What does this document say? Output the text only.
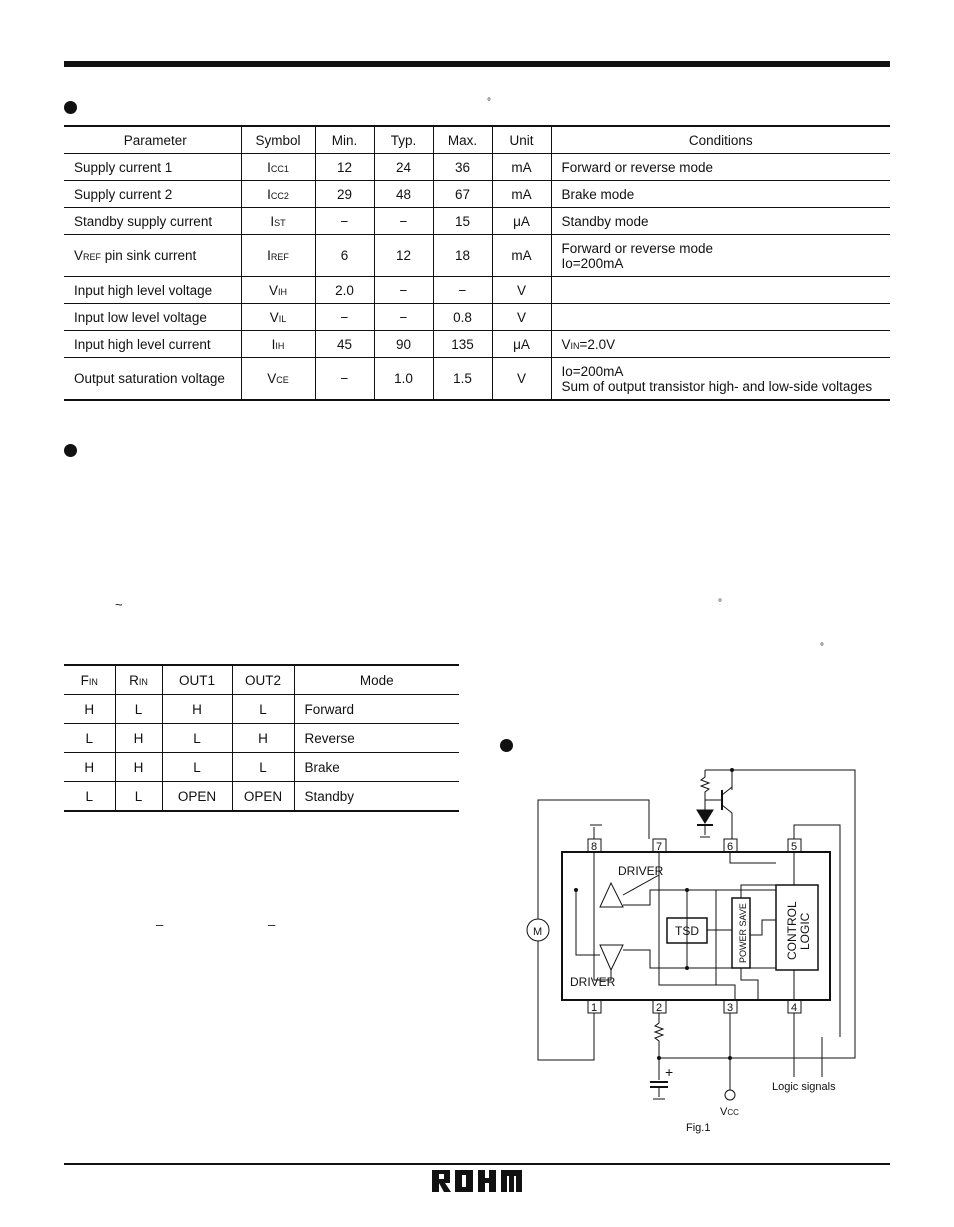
°
Parameter	Symbol	Min.	Typ.	Max.	Unit	Conditions
Supply current 1	ICC1	12	24	36	mA	Forward or reverse mode
Supply current 2	ICC2	29	48	67	mA	Brake mode
Standby supply current	IST	−	−	15	μA	Standby mode
VREF pin sink current	IREF	6	12	18	mA	Forward or reverse mode
Io=200mA

Input high level voltage	VIH	2.0	−	−	V	
Input low level voltage	VIL	−	−	0.8	V	
Input high level current	IIH	45	90	135	μA	VIN=2.0V
Output saturation voltage	VCE	−	1.0	1.5	V	Io=200mA
Sum of output transistor high- and low-side voltages
~	°
°
FIN	RIN	OUT1	OUT2	Mode
H	L	H	L	Forward
L	H	L	H	Reverse
H	H	L	L	Brake
L	L	OPEN	OPEN	Standby
–	–
8	7	6	5
1	2	3	4
DRIVER
DRIVER
TSD	POWER SAVE	CONTROL LOGIC
M
Logic signals
VCC
Fig.1
+
